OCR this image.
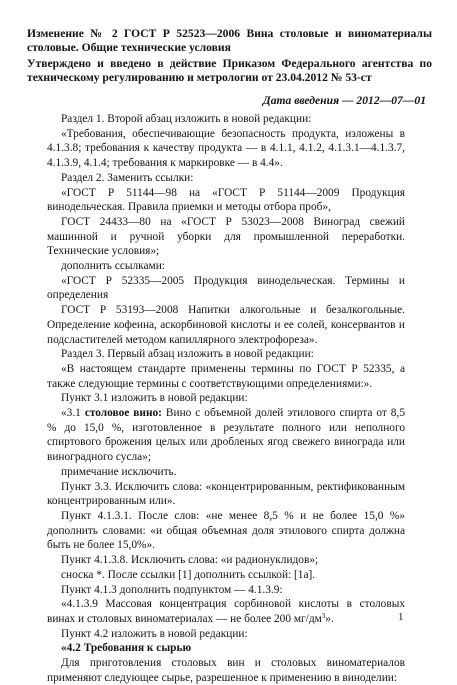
Изменение № 2 ГОСТ Р 52523—2006 Вина столовые и виноматериалы столовые. Общие технические условия
Утверждено и введено в действие Приказом Федерального агентства по техническому регулированию и метрологии от 23.04.2012 № 53-ст
Дата введения — 2012—07—01

Раздел 1. Второй абзац изложить в новой редакции:

«Требования, обеспечивающие безопасность продукта, изложены в 4.1.3.8; требования к качеству продукта — в 4.1.1, 4.1.2, 4.1.3.1—4.1.3.7, 4.1.3.9, 4.1.4; требования к маркировке — в 4.4».

Раздел 2. Заменить ссылки:

«ГОСТ Р 51144—98 на «ГОСТ Р 51144—2009 Продукция винодельческая. Правила приемки и методы отбора проб»,

ГОСТ 24433—80 на «ГОСТ Р 53023—2008 Виноград свежий машинной и ручной уборки для промышленной переработки. Технические условия»;

дополнить ссылками:

«ГОСТ Р 52335—2005 Продукция винодельческая. Термины и определения

ГОСТ Р 53193—2008 Напитки алкогольные и безалкогольные. Определение кофеина, аскорбиновой кислоты и ее солей, консервантов и подсластителей методом капиллярного электрофореза».

Раздел 3. Первый абзац изложить в новой редакции:

«В настоящем стандарте применены термины по ГОСТ Р 52335, а также следующие термины с соответствующими определениями:».

Пункт 3.1 изложить в новой редакции:

«3.1 столовое вино: Вино с объемной долей этилового спирта от 8,5 % до 15,0 %, изготовленное в результате полного или неполного спиртового брожения целых или дробленых ягод свежего винограда или виноградного сусла»;

примечание исключить.

Пункт 3.3. Исключить слова: «концентрированным, ректификованным концентрированным или».

Пункт 4.1.3.1. После слов: «не менее 8,5 % и не более 15,0 %» дополнить словами: «и общая объемная доля этилового спирта должна быть не более 15,0%».

Пункт 4.1.3.8. Исключить слова: «и радионуклидов»;

сноска *. После ссылки [1] дополнить ссылкой: [1а].

Пункт 4.1.3 дополнить подпунктом — 4.1.3.9:

«4.1.3.9 Массовая концентрация сорбиновой кислоты в столовых винах и столовых виноматериалах — не более 200 $мг/дм^3$».

Пункт 4.2 изложить в новой редакции:

«4.2 Требования к сырью

Для приготовления столовых вин и столовых виноматериалов применяют следующее сырье, разрешенное к применению в виноделии:

1
